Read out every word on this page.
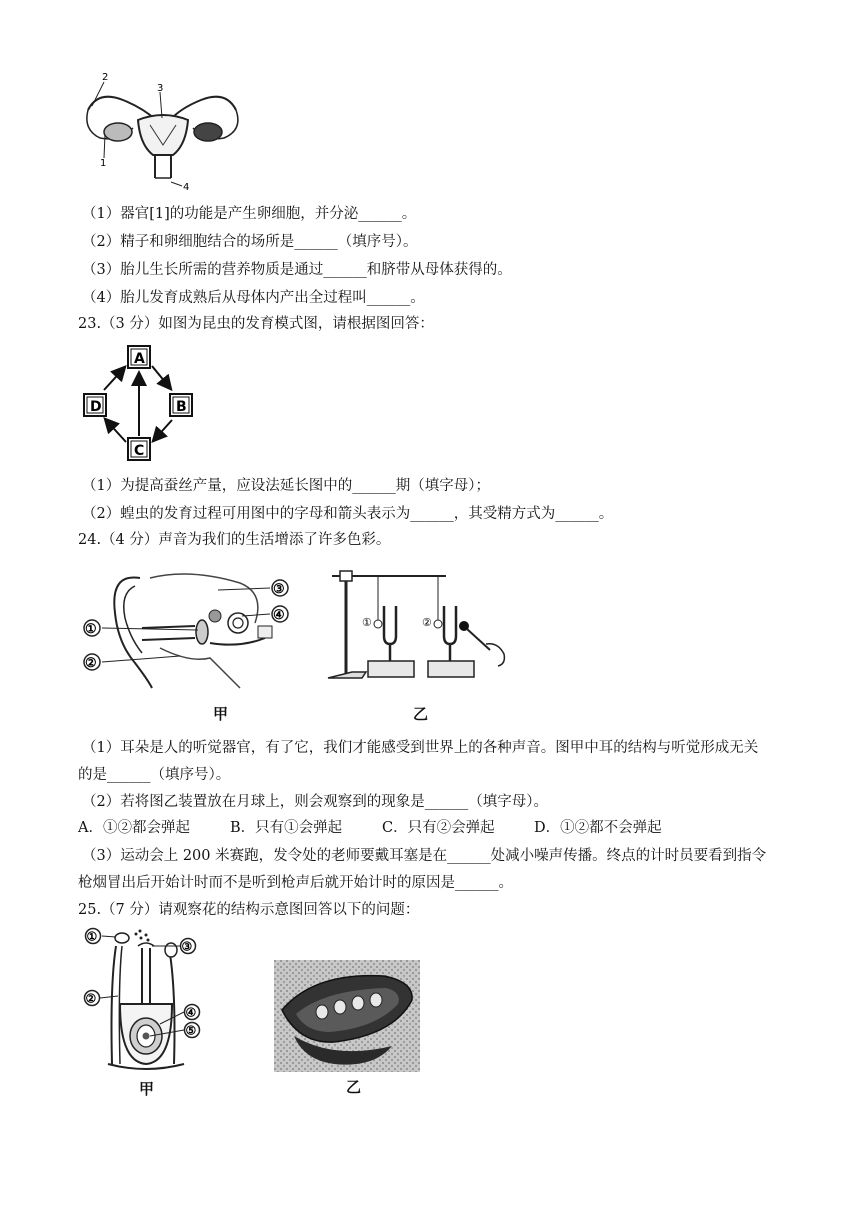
2
3
1
4
（1）器官[1]的功能是产生卵细胞，并分泌______。
（2）精子和卵细胞结合的场所是______（填序号）。
（3）胎儿生长所需的营养物质是通过______和脐带从母体获得的。
（4）胎儿发育成熟后从母体内产出全过程叫______。
23.（3 分）如图为昆虫的发育模式图，请根据图回答：
A
B
C
D
（1）为提高蚕丝产量，应设法延长图中的______期（填字母）；
（2）蝗虫的发育过程可用图中的字母和箭头表示为______，其受精方式为______。
24.（4 分）声音为我们的生活增添了许多色彩。
③
④
①
②
①	②
甲	乙
（1）耳朵是人的听觉器官，有了它，我们才能感受到世界上的各种声音。图甲中耳的结构与听觉形成无关
的是______（填序号）。
（2）若将图乙装置放在月球上，则会观察到的现象是______（填字母）。
A．①②都会弹起	B．只有①会弹起	C．只有②会弹起	D．①②都不会弹起
（3）运动会上 200 米赛跑，发令处的老师要戴耳塞是在______处减小噪声传播。终点的计时员要看到指令
枪烟冒出后开始计时而不是听到枪声后就开始计时的原因是______。
25.（7 分）请观察花的结构示意图回答以下的问题：
①
③
②
④
⑤
甲	乙
